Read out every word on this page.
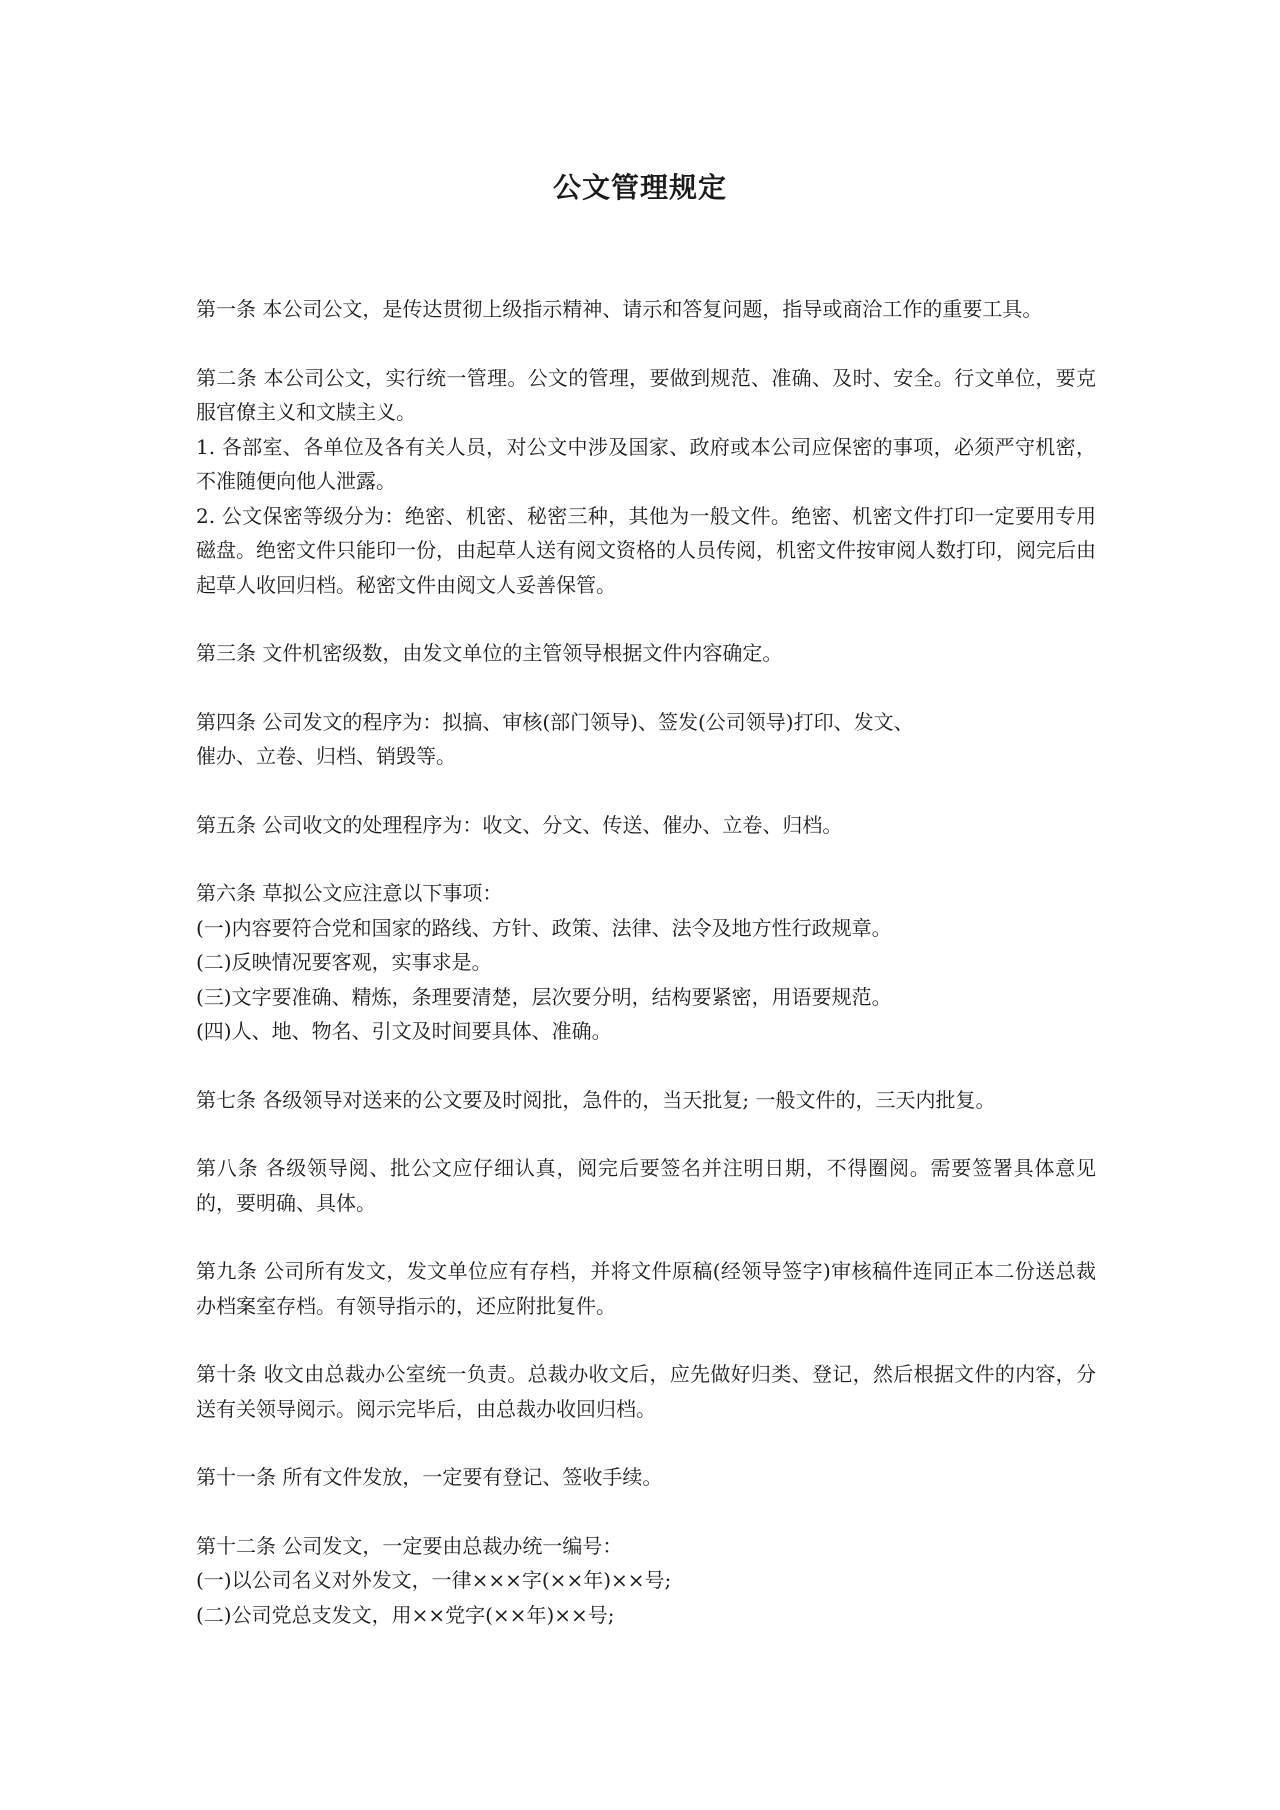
公文管理规定
第一条 本公司公文，是传达贯彻上级指示精神、请示和答复问题，指导或商洽工作的重要工具。
第二条 本公司公文，实行统一管理。公文的管理，要做到规范、准确、及时、安全。行文单位，要克服官僚主义和文牍主义。
1. 各部室、各单位及各有关人员，对公文中涉及国家、政府或本公司应保密的事项，必须严守机密，不准随便向他人泄露。
2. 公文保密等级分为：绝密、机密、秘密三种，其他为一般文件。绝密、机密文件打印一定要用专用磁盘。绝密文件只能印一份，由起草人送有阅文资格的人员传阅，机密文件按审阅人数打印，阅完后由起草人收回归档。秘密文件由阅文人妥善保管。
第三条 文件机密级数，由发文单位的主管领导根据文件内容确定。
第四条 公司发文的程序为：拟搞、审核(部门领导)、签发(公司领导)打印、发文、
催办、立卷、归档、销毁等。
第五条 公司收文的处理程序为：收文、分文、传送、催办、立卷、归档。
第六条 草拟公文应注意以下事项：
(一)内容要符合党和国家的路线、方针、政策、法律、法令及地方性行政规章。
(二)反映情况要客观，实事求是。
(三)文字要准确、精炼，条理要清楚，层次要分明，结构要紧密，用语要规范。
(四)人、地、物名、引文及时间要具体、准确。
第七条 各级领导对送来的公文要及时阅批，急件的，当天批复; 一般文件的，三天内批复。
第八条 各级领导阅、批公文应仔细认真，阅完后要签名并注明日期，不得圈阅。需要签署具体意见的，要明确、具体。
第九条 公司所有发文，发文单位应有存档，并将文件原稿(经领导签字)审核稿件连同正本二份送总裁办档案室存档。有领导指示的，还应附批复件。
第十条 收文由总裁办公室统一负责。总裁办收文后，应先做好归类、登记，然后根据文件的内容，分送有关领导阅示。阅示完毕后，由总裁办收回归档。
第十一条 所有文件发放，一定要有登记、签收手续。
第十二条 公司发文，一定要由总裁办统一编号：
(一)以公司名义对外发文，一律×××字(××年)××号;
(二)公司党总支发文，用××党字(××年)××号;
